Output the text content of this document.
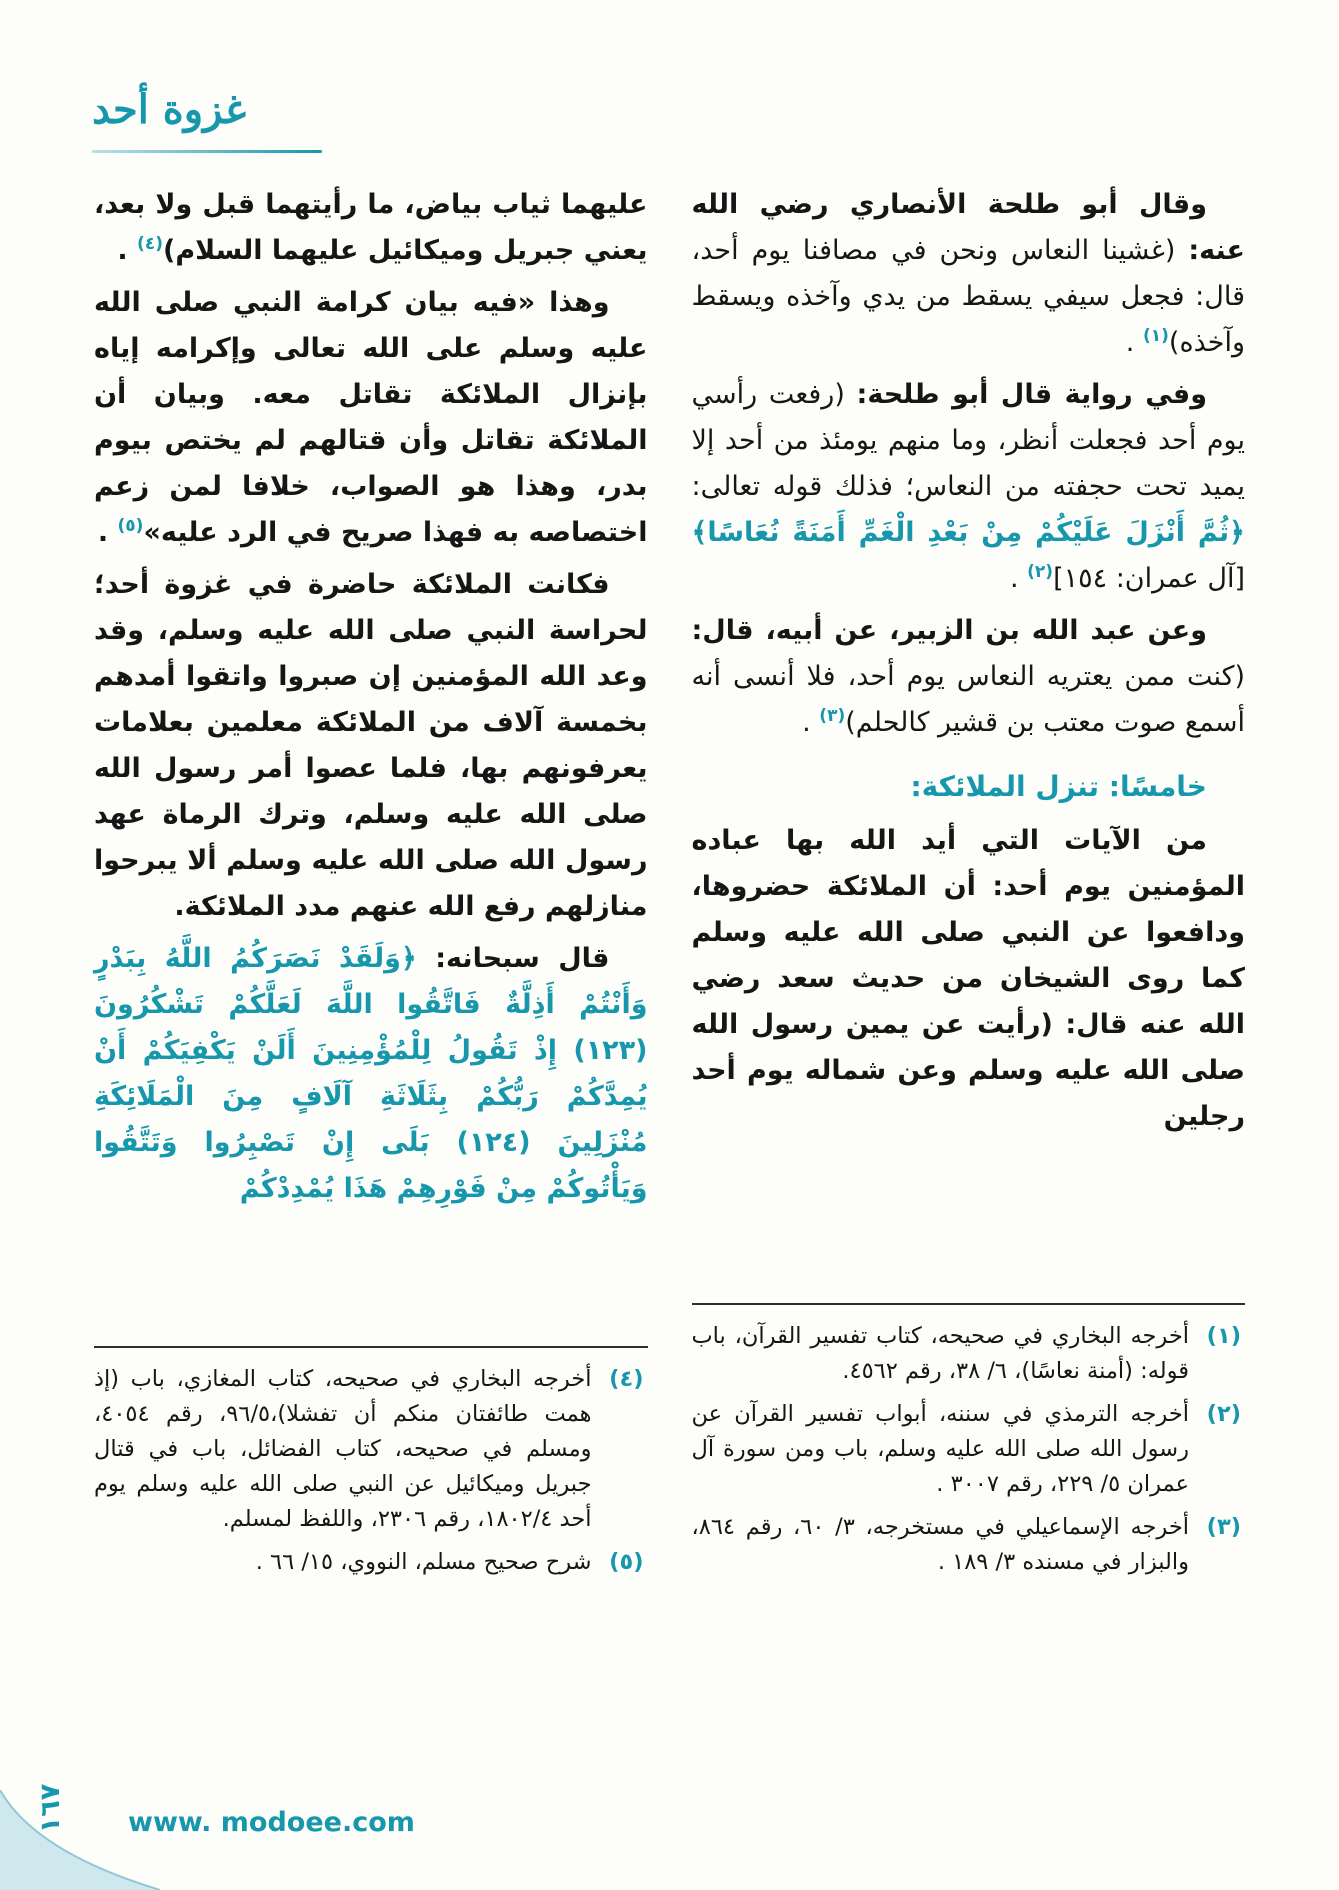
غزوة أحد

وقال أبو طلحة الأنصاري رضي الله عنه: (غشينا النعاس ونحن في مصافنا يوم أحد، قال: فجعل سيفي يسقط من يدي وآخذه ويسقط وآخذه)$^{(١)}$ .

وفي رواية قال أبو طلحة: (رفعت رأسي يوم أحد فجعلت أنظر، وما منهم يومئذ من أحد إلا يميد تحت حجفته من النعاس؛ فذلك قوله تعالى: ﴿ثُمَّ أَنْزَلَ عَلَيْكُمْ مِنْ بَعْدِ الْغَمِّ أَمَنَةً نُعَاسًا﴾ [آل عمران: ١٥٤]$^{(٢)}$ .

وعن عبد الله بن الزبير، عن أبيه، قال: (كنت ممن يعتريه النعاس يوم أحد، فلا أنسى أنه أسمع صوت معتب بن قشير كالحلم)$^{(٣)}$ .

خامسًا: تنزل الملائكة:

من الآيات التي أيد الله بها عباده المؤمنين يوم أحد: أن الملائكة حضروها، ودافعوا عن النبي صلى الله عليه وسلم كما روى الشيخان من حديث سعد رضي الله عنه قال: (رأيت عن يمين رسول الله صلى الله عليه وسلم وعن شماله يوم أحد رجلين

(١)
أخرجه البخاري في صحيحه، كتاب تفسير القرآن، باب قوله: (أمنة نعاسًا)، ٦/ ٣٨، رقم ٤٥٦٢.
(٢)
أخرجه الترمذي في سننه، أبواب تفسير القرآن عن رسول الله صلى الله عليه وسلم، باب ومن سورة آل عمران ٥/ ٢٢٩، رقم ٣٠٠٧ .
(٣)
أخرجه الإسماعيلي في مستخرجه، ٣/ ٦٠، رقم ٨٦٤، والبزار في مسنده ٣/ ١٨٩ .

عليهما ثياب بياض، ما رأيتهما قبل ولا بعد، يعني جبريل وميكائيل عليهما السلام)$^{(٤)}$ .

وهذا «فيه بيان كرامة النبي صلى الله عليه وسلم على الله تعالى وإكرامه إياه بإنزال الملائكة تقاتل معه. وبيان أن الملائكة تقاتل وأن قتالهم لم يختص بيوم بدر، وهذا هو الصواب، خلافا لمن زعم اختصاصه به فهذا صريح في الرد عليه»$^{(٥)}$ .

فكانت الملائكة حاضرة في غزوة أحد؛ لحراسة النبي صلى الله عليه وسلم، وقد وعد الله المؤمنين إن صبروا واتقوا أمدهم بخمسة آلاف من الملائكة معلمين بعلامات يعرفونهم بها، فلما عصوا أمر رسول الله صلى الله عليه وسلم، وترك الرماة عهد رسول الله صلى الله عليه وسلم ألا يبرحوا منازلهم رفع الله عنهم مدد الملائكة.

قال سبحانه: ﴿وَلَقَدْ نَصَرَكُمُ اللَّهُ بِبَدْرٍ وَأَنْتُمْ أَذِلَّةٌ فَاتَّقُوا اللَّهَ لَعَلَّكُمْ تَشْكُرُونَ (١٢٣) إِذْ تَقُولُ لِلْمُؤْمِنِينَ أَلَنْ يَكْفِيَكُمْ أَنْ يُمِدَّكُمْ رَبُّكُمْ بِثَلَاثَةِ آلَافٍ مِنَ الْمَلَائِكَةِ مُنْزَلِينَ (١٢٤) بَلَى إِنْ تَصْبِرُوا وَتَتَّقُوا وَيَأْتُوكُمْ مِنْ فَوْرِهِمْ هَذَا يُمْدِدْكُمْ

(٤)
أخرجه البخاري في صحيحه، كتاب المغازي، باب (إذ همت طائفتان منكم أن تفشلا)،٩٦/٥، رقم ٤٠٥٤، ومسلم في صحيحه، كتاب الفضائل، باب في قتال جبريل وميكائيل عن النبي صلى الله عليه وسلم يوم أحد ١٨٠٢/٤، رقم ٢٣٠٦، واللفظ لمسلم.
(٥)
شرح صحيح مسلم، النووي، ١٥/ ٦٦ .
١٦٧ www. modoee.com
